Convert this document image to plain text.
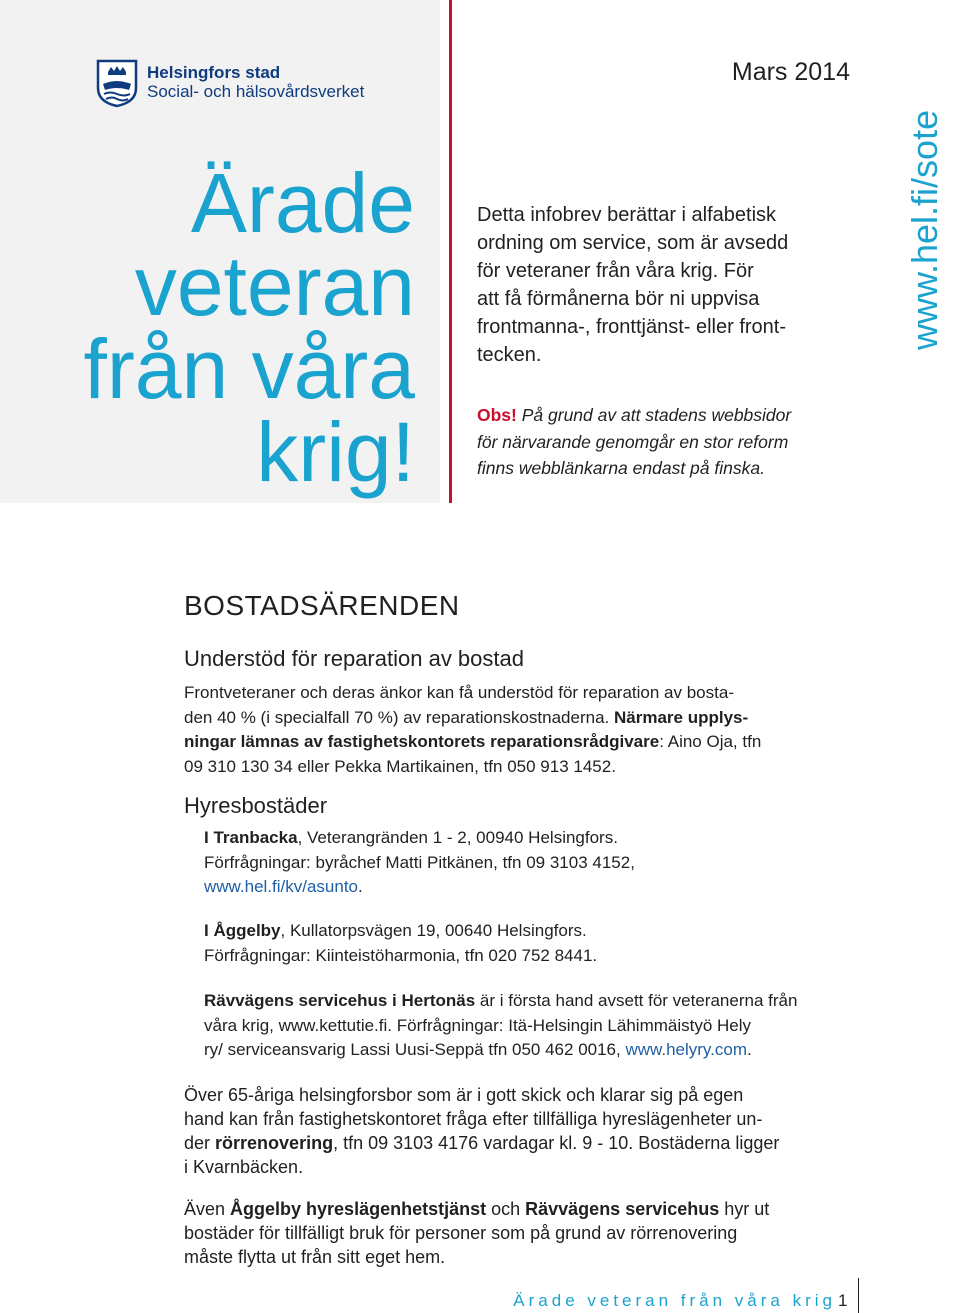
Helsingfors stad
Social- och hälsovårdsverket
Ärade
veteran
från våra
krig!
Mars 2014
Detta infobrev berättar i alfabetisk
ordning om service, som är avsedd
för veteraner från våra krig. För
att få förmånerna bör ni uppvisa
frontmanna-, fronttjänst- eller front-
tecken.
Obs! På grund av att stadens webbsidor
för närvarande genomgår en stor reform
finns webblänkarna endast på finska.
www.hel.fi/sote
BOSTADSÄRENDEN
Understöd för reparation av bostad
Frontveteraner och deras änkor kan få understöd för reparation av bosta-
den 40 % (i specialfall 70 %) av reparationskostnaderna. Närmare upplys-
ningar lämnas av fastighetskontorets reparationsrådgivare: Aino Oja, tfn
09 310 130 34 eller Pekka Martikainen, tfn 050 913 1452.
Hyresbostäder
I Tranbacka, Veterangränden 1 - 2, 00940 Helsingfors.
Förfrågningar: byråchef Matti Pitkänen, tfn 09 3103 4152,
www.hel.fi/kv/asunto.
I Åggelby, Kullatorpsvägen 19, 00640 Helsingfors.
Förfrågningar: Kiinteistöharmonia, tfn 020 752 8441.
Rävvägens servicehus i Hertonäs är i första hand avsett för veteranerna från
våra krig, www.kettutie.fi. Förfrågningar: Itä-Helsingin Lähimmäistyö Hely
ry/ serviceansvarig Lassi Uusi-Seppä tfn 050 462 0016, www.helyry.com.
Över 65-åriga helsingforsbor som är i gott skick och klarar sig på egen
hand kan från fastighetskontoret fråga efter tillfälliga hyreslägenheter un-
der rörrenovering, tfn 09 3103 4176 vardagar kl. 9 - 10. Bostäderna ligger
i Kvarnbäcken.
Även Åggelby hyreslägenhetstjänst och Rävvägens servicehus hyr ut
bostäder för tillfälligt bruk för personer som på grund av rörrenovering
måste flytta ut från sitt eget hem.
Ärade veteran från våra krig 1
